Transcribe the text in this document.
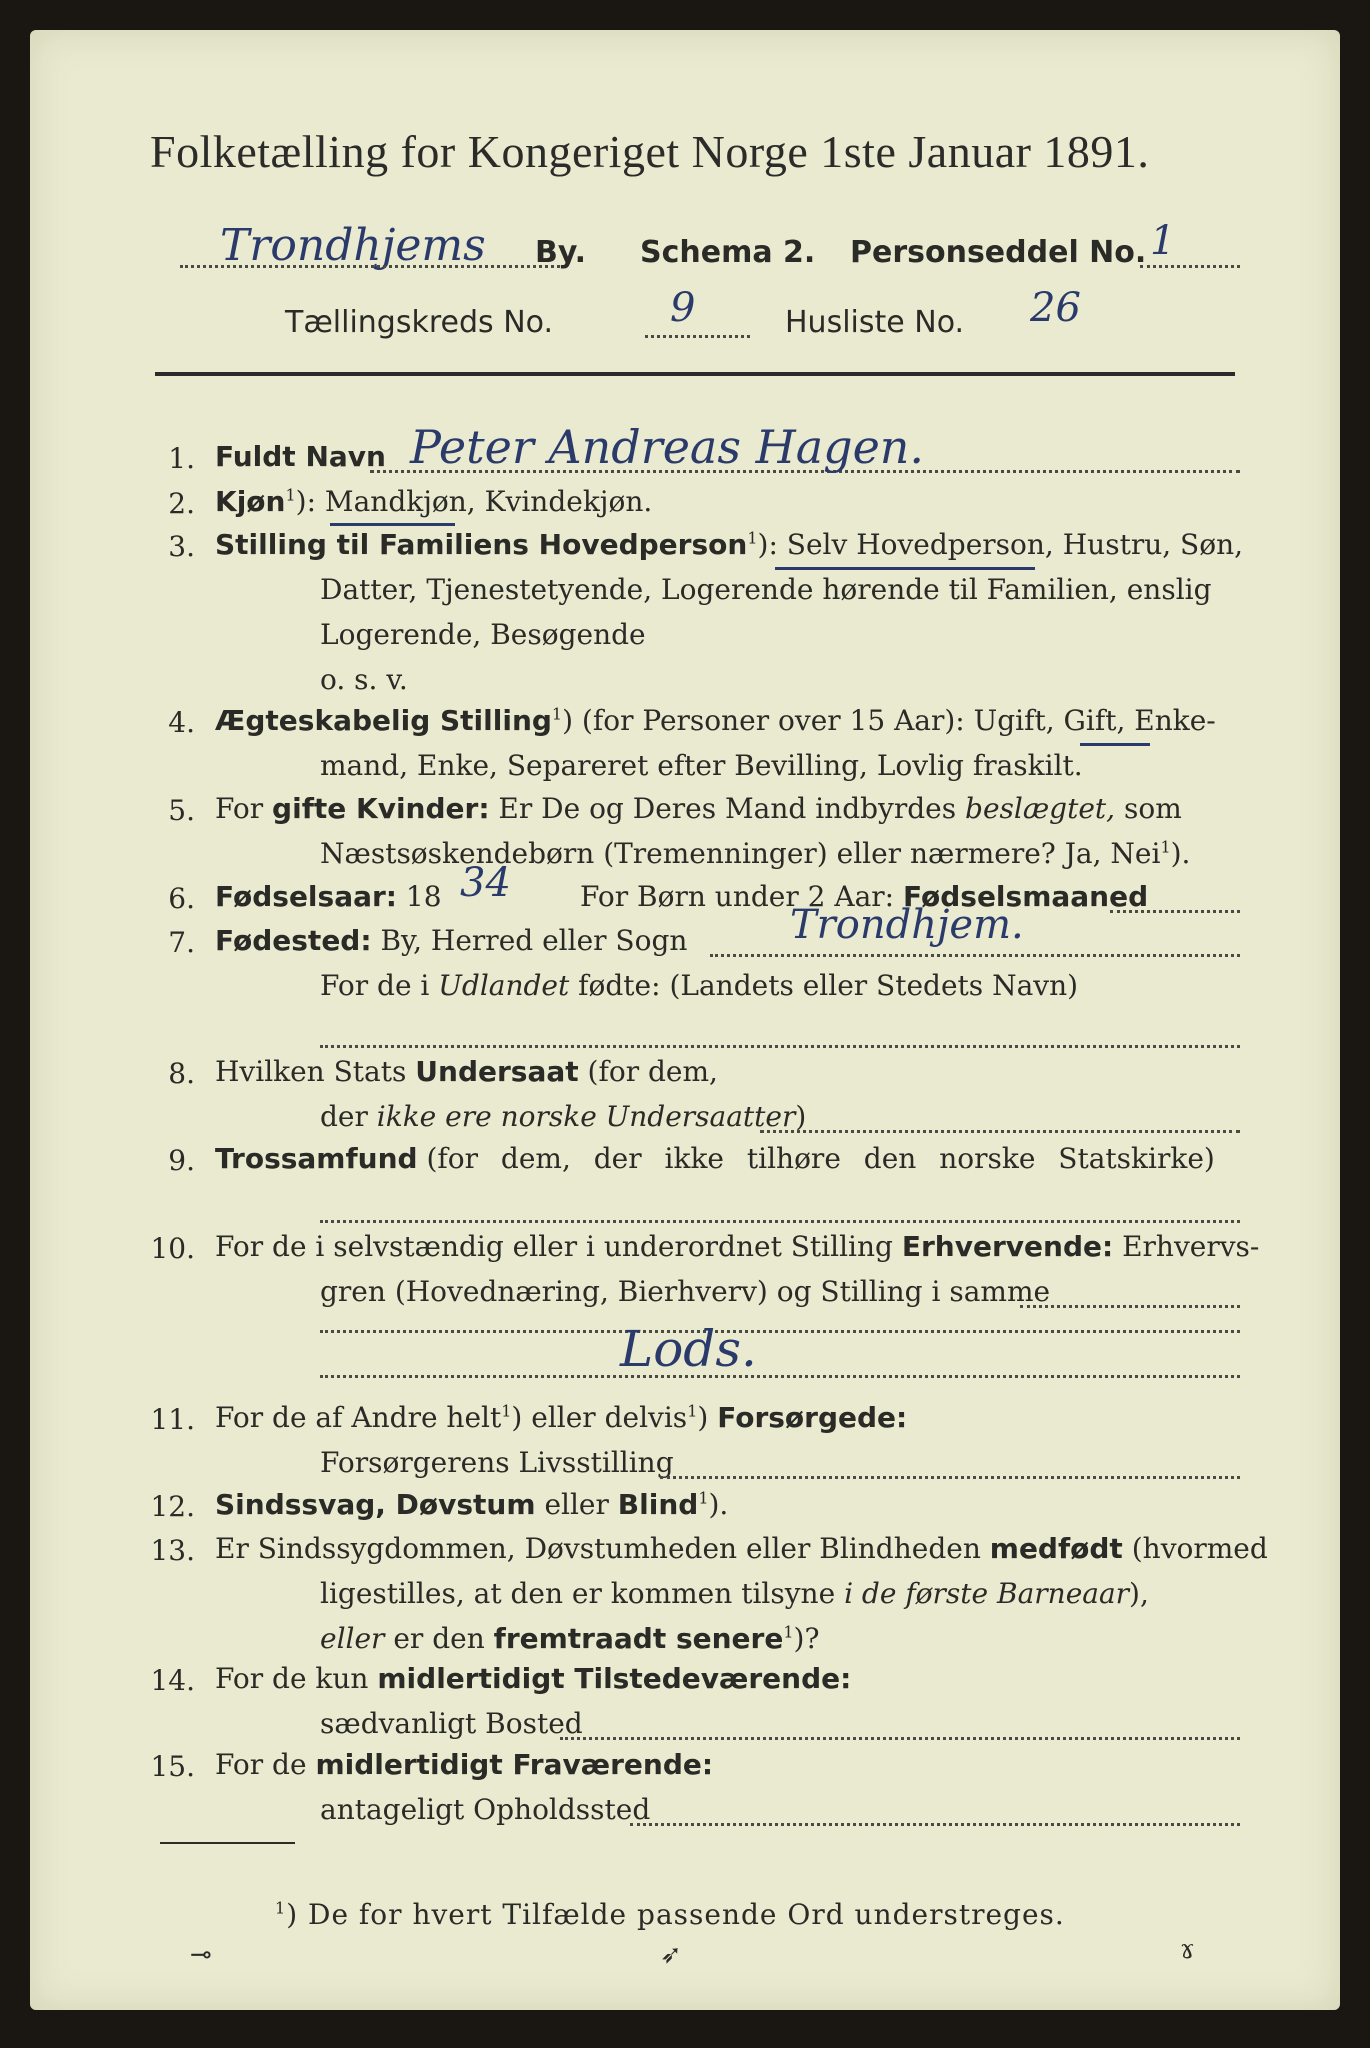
Folketælling for Kongeriget Norge 1ste Januar 1891.
Trondhjems By. Schema 2. Personseddel No. 1
Tællingskreds No.	9	Husliste No. 26
1. Fuldt Navn Peter Andreas Hagen.
2. Kjøn$^1$): Mandkjøn, Kvindekjøn.
3. Stilling til Familiens Hovedperson$^1$): Selv Hovedperson, Hustru, Søn,
Datter, Tjenestetyende, Logerende hørende til Familien, enslig
Logerende, Besøgende
o. s. v.
4. Ægteskabelig Stilling$^1$) (for Personer over 15 Aar): Ugift, Gift, Enke-
mand, Enke, Separeret efter Bevilling, Lovlig fraskilt.
5. For gifte Kvinder: Er De og Deres Mand indbyrdes beslægtet, som
Næstsøskendebørn (Tremenninger) eller nærmere? Ja, Nei$^1$).
6. Fødselsaar: 18 34 For Børn under 2 Aar: Fødselsmaaned
7. Fødested: By, Herred eller Sogn	Trondhjem.
For de i Udlandet fødte: (Landets eller Stedets Navn)
8. Hvilken Stats Undersaat (for dem,
der ikke ere norske Undersaatter)
9. Trossamfund (for dem, der ikke tilhøre den norske Statskirke)
10. For de i selvstændig eller i underordnet Stilling Erhvervende: Erhvervs-
gren (Hovednæring, Bierhverv) og Stilling i samme
Lods.
11. For de af Andre helt$^1$) eller delvis$^1$) Forsørgede:
Forsørgerens Livsstilling
12. Sindssvag, Døvstum eller Blind$^1$).
13. Er Sindssygdommen, Døvstumheden eller Blindheden medfødt (hvormed
ligestilles, at den er kommen tilsyne i de første Barneaar),
eller er den fremtraadt senere$^1$)?
14. For de kun midlertidigt Tilstedeværende:
sædvanligt Bosted
15. For de midlertidigt Fraværende:
antageligt Opholdssted
$^1$) De for hvert Tilfælde passende Ord understreges.
⊸	➶	ɤ
